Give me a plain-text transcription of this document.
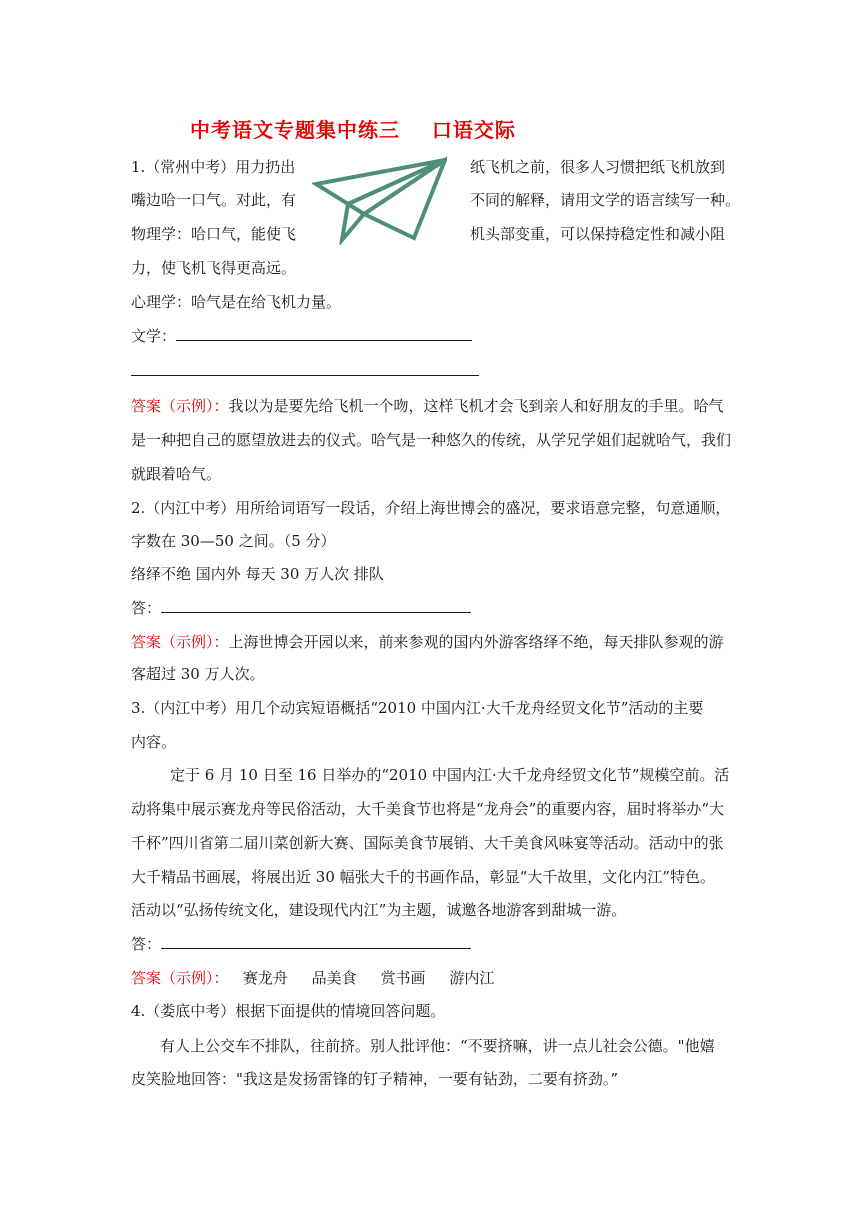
中考语文专题集中练三    口语交际
1.（常州中考）用力扔出	纸飞机之前，很多人习惯把纸飞机放到
嘴边哈一口气。对此，有	不同的解释，请用文学的语言续写一种。
物理学：哈口气，能使飞	机头部变重，可以保持稳定性和减小阻
力，使飞机飞得更高远。
心理学：哈气是在给飞机力量。
文学：
答案（示例）：我以为是要先给飞机一个吻，这样飞机才会飞到亲人和好朋友的手里。哈气
是一种把自己的愿望放进去的仪式。哈气是一种悠久的传统，从学兄学姐们起就哈气，我们
就跟着哈气。
2.（内江中考）用所给词语写一段话，介绍上海世博会的盛况，要求语意完整，句意通顺，
字数在 30—50 之间。（5 分）
络绎不绝 国内外 每天 30 万人次 排队
答：
答案（示例）：上海世博会开园以来，前来参观的国内外游客络绎不绝，每天排队参观的游
客超过 30 万人次。
3.（内江中考）用几个动宾短语概括“2010 中国内江·大千龙舟经贸文化节”活动的主要
内容。
定于 6 月 10 日至 16 日举办的“2010 中国内江·大千龙舟经贸文化节”规模空前。活
动将集中展示赛龙舟等民俗活动，大千美食节也将是“龙舟会”的重要内容，届时将举办“大
千杯”四川省第二届川菜创新大赛、国际美食节展销、大千美食风味宴等活动。活动中的张
大千精品书画展，将展出近 30 幅张大千的书画作品，彰显“大千故里，文化内江”特色。
活动以“弘扬传统文化，建设现代内江”为主题，诚邀各地游客到甜城一游。
答：
答案（示例）：   赛龙舟     品美食     赏书画     游内江
4.（娄底中考）根据下面提供的情境回答问题。
有人上公交车不排队，往前挤。别人批评他：“不要挤嘛，讲一点儿社会公德。"他嬉
皮笑脸地回答："我这是发扬雷锋的钉子精神，一要有钻劲，二要有挤劲。”
